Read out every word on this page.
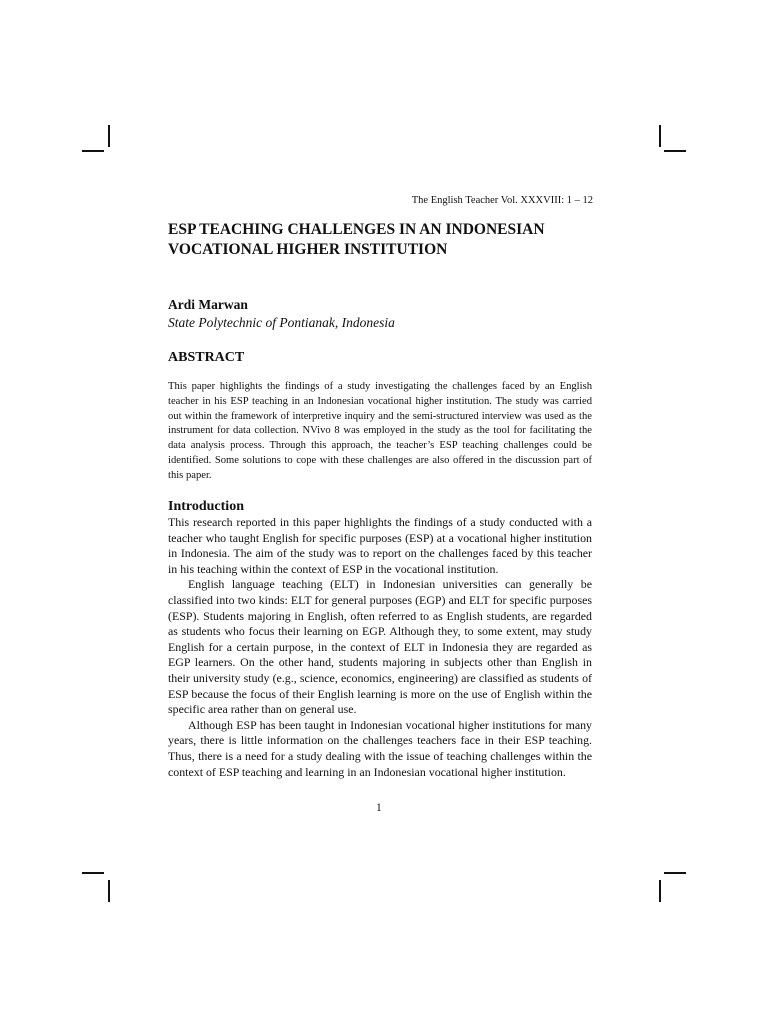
The English Teacher Vol. XXXVIII: 1 – 12
ESP TEACHING CHALLENGES IN AN INDONESIAN
VOCATIONAL HIGHER INSTITUTION
Ardi Marwan
State Polytechnic of Pontianak, Indonesia
ABSTRACT

This paper highlights the findings of a study investigating the challenges faced by an English teacher in his ESP teaching in an Indonesian vocational higher institution. The study was carried out within the framework of interpretive inquiry and the semi-structured interview was used as the instrument for data collection. NVivo 8 was employed in the study as the tool for facilitating the data analysis process. Through this approach, the teacher’s ESP teaching challenges could be identified. Some solutions to cope with these challenges are also offered in the discussion part of this paper.

Introduction

This research reported in this paper highlights the findings of a study conducted with a teacher who taught English for specific purposes (ESP) at a vocational higher institution in Indonesia. The aim of the study was to report on the challenges faced by this teacher in his teaching within the context of ESP in the vocational institution.

English language teaching (ELT) in Indonesian universities can generally be classified into two kinds: ELT for general purposes (EGP) and ELT for specific purposes (ESP). Students majoring in English, often referred to as English students, are regarded as students who focus their learning on EGP. Although they, to some extent, may study English for a certain purpose, in the context of ELT in Indonesia they are regarded as EGP learners. On the other hand, students majoring in subjects other than English in their university study (e.g., science, economics, engineering) are classified as students of ESP because the focus of their English learning is more on the use of English within the specific area rather than on general use.

Although ESP has been taught in Indonesian vocational higher institutions for many years, there is little information on the challenges teachers face in their ESP teaching. Thus, there is a need for a study dealing with the issue of teaching challenges within the context of ESP teaching and learning in an Indonesian vocational higher institution.

1
